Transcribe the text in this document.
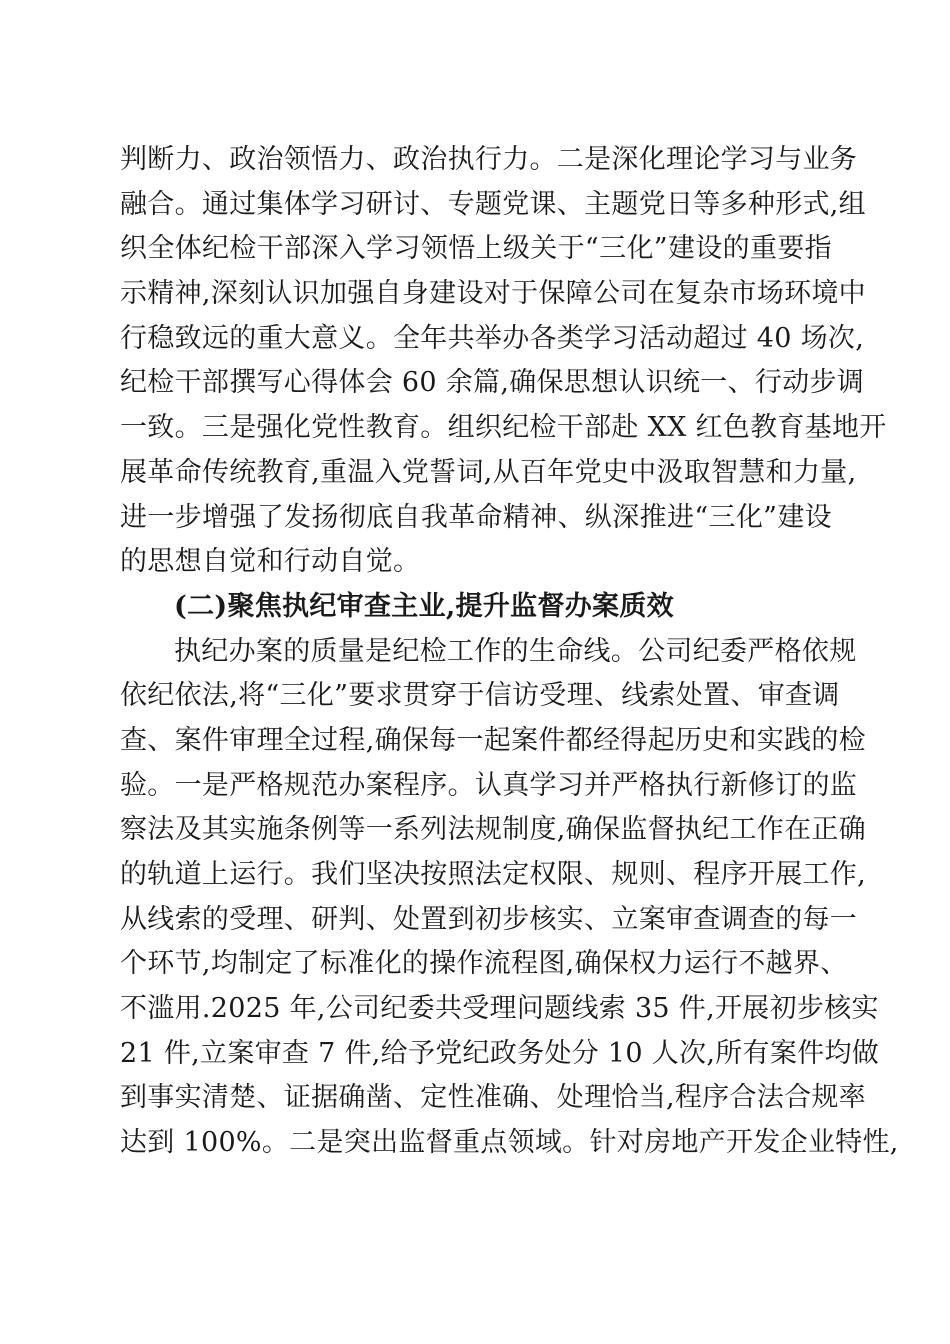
判断力、政治领悟力、政治执行力。二是深化理论学习与业务
融合。通过集体学习研讨、专题党课、主题党日等多种形式,组
织全体纪检干部深入学习领悟上级关于“三化”建设的重要指
示精神,深刻认识加强自身建设对于保障公司在复杂市场环境中
行稳致远的重大意义。全年共举办各类学习活动超过 40 场次,
纪检干部撰写心得体会 60 余篇,确保思想认识统一、行动步调
一致。三是强化党性教育。组织纪检干部赴 XX 红色教育基地开
展革命传统教育,重温入党誓词,从百年党史中汲取智慧和力量,
进一步增强了发扬彻底自我革命精神、纵深推进“三化”建设
的思想自觉和行动自觉。
(二)聚焦执纪审查主业,提升监督办案质效
执纪办案的质量是纪检工作的生命线。公司纪委严格依规
依纪依法,将“三化”要求贯穿于信访受理、线索处置、审查调
查、案件审理全过程,确保每一起案件都经得起历史和实践的检
验。一是严格规范办案程序。认真学习并严格执行新修订的监
察法及其实施条例等一系列法规制度,确保监督执纪工作在正确
的轨道上运行。我们坚决按照法定权限、规则、程序开展工作,
从线索的受理、研判、处置到初步核实、立案审查调查的每一
个环节,均制定了标准化的操作流程图,确保权力运行不越界、
不滥用.2025 年,公司纪委共受理问题线索 35 件,开展初步核实
21 件,立案审查 7 件,给予党纪政务处分 10 人次,所有案件均做
到事实清楚、证据确凿、定性准确、处理恰当,程序合法合规率
达到 100%。二是突出监督重点领域。针对房地产开发企业特性,
